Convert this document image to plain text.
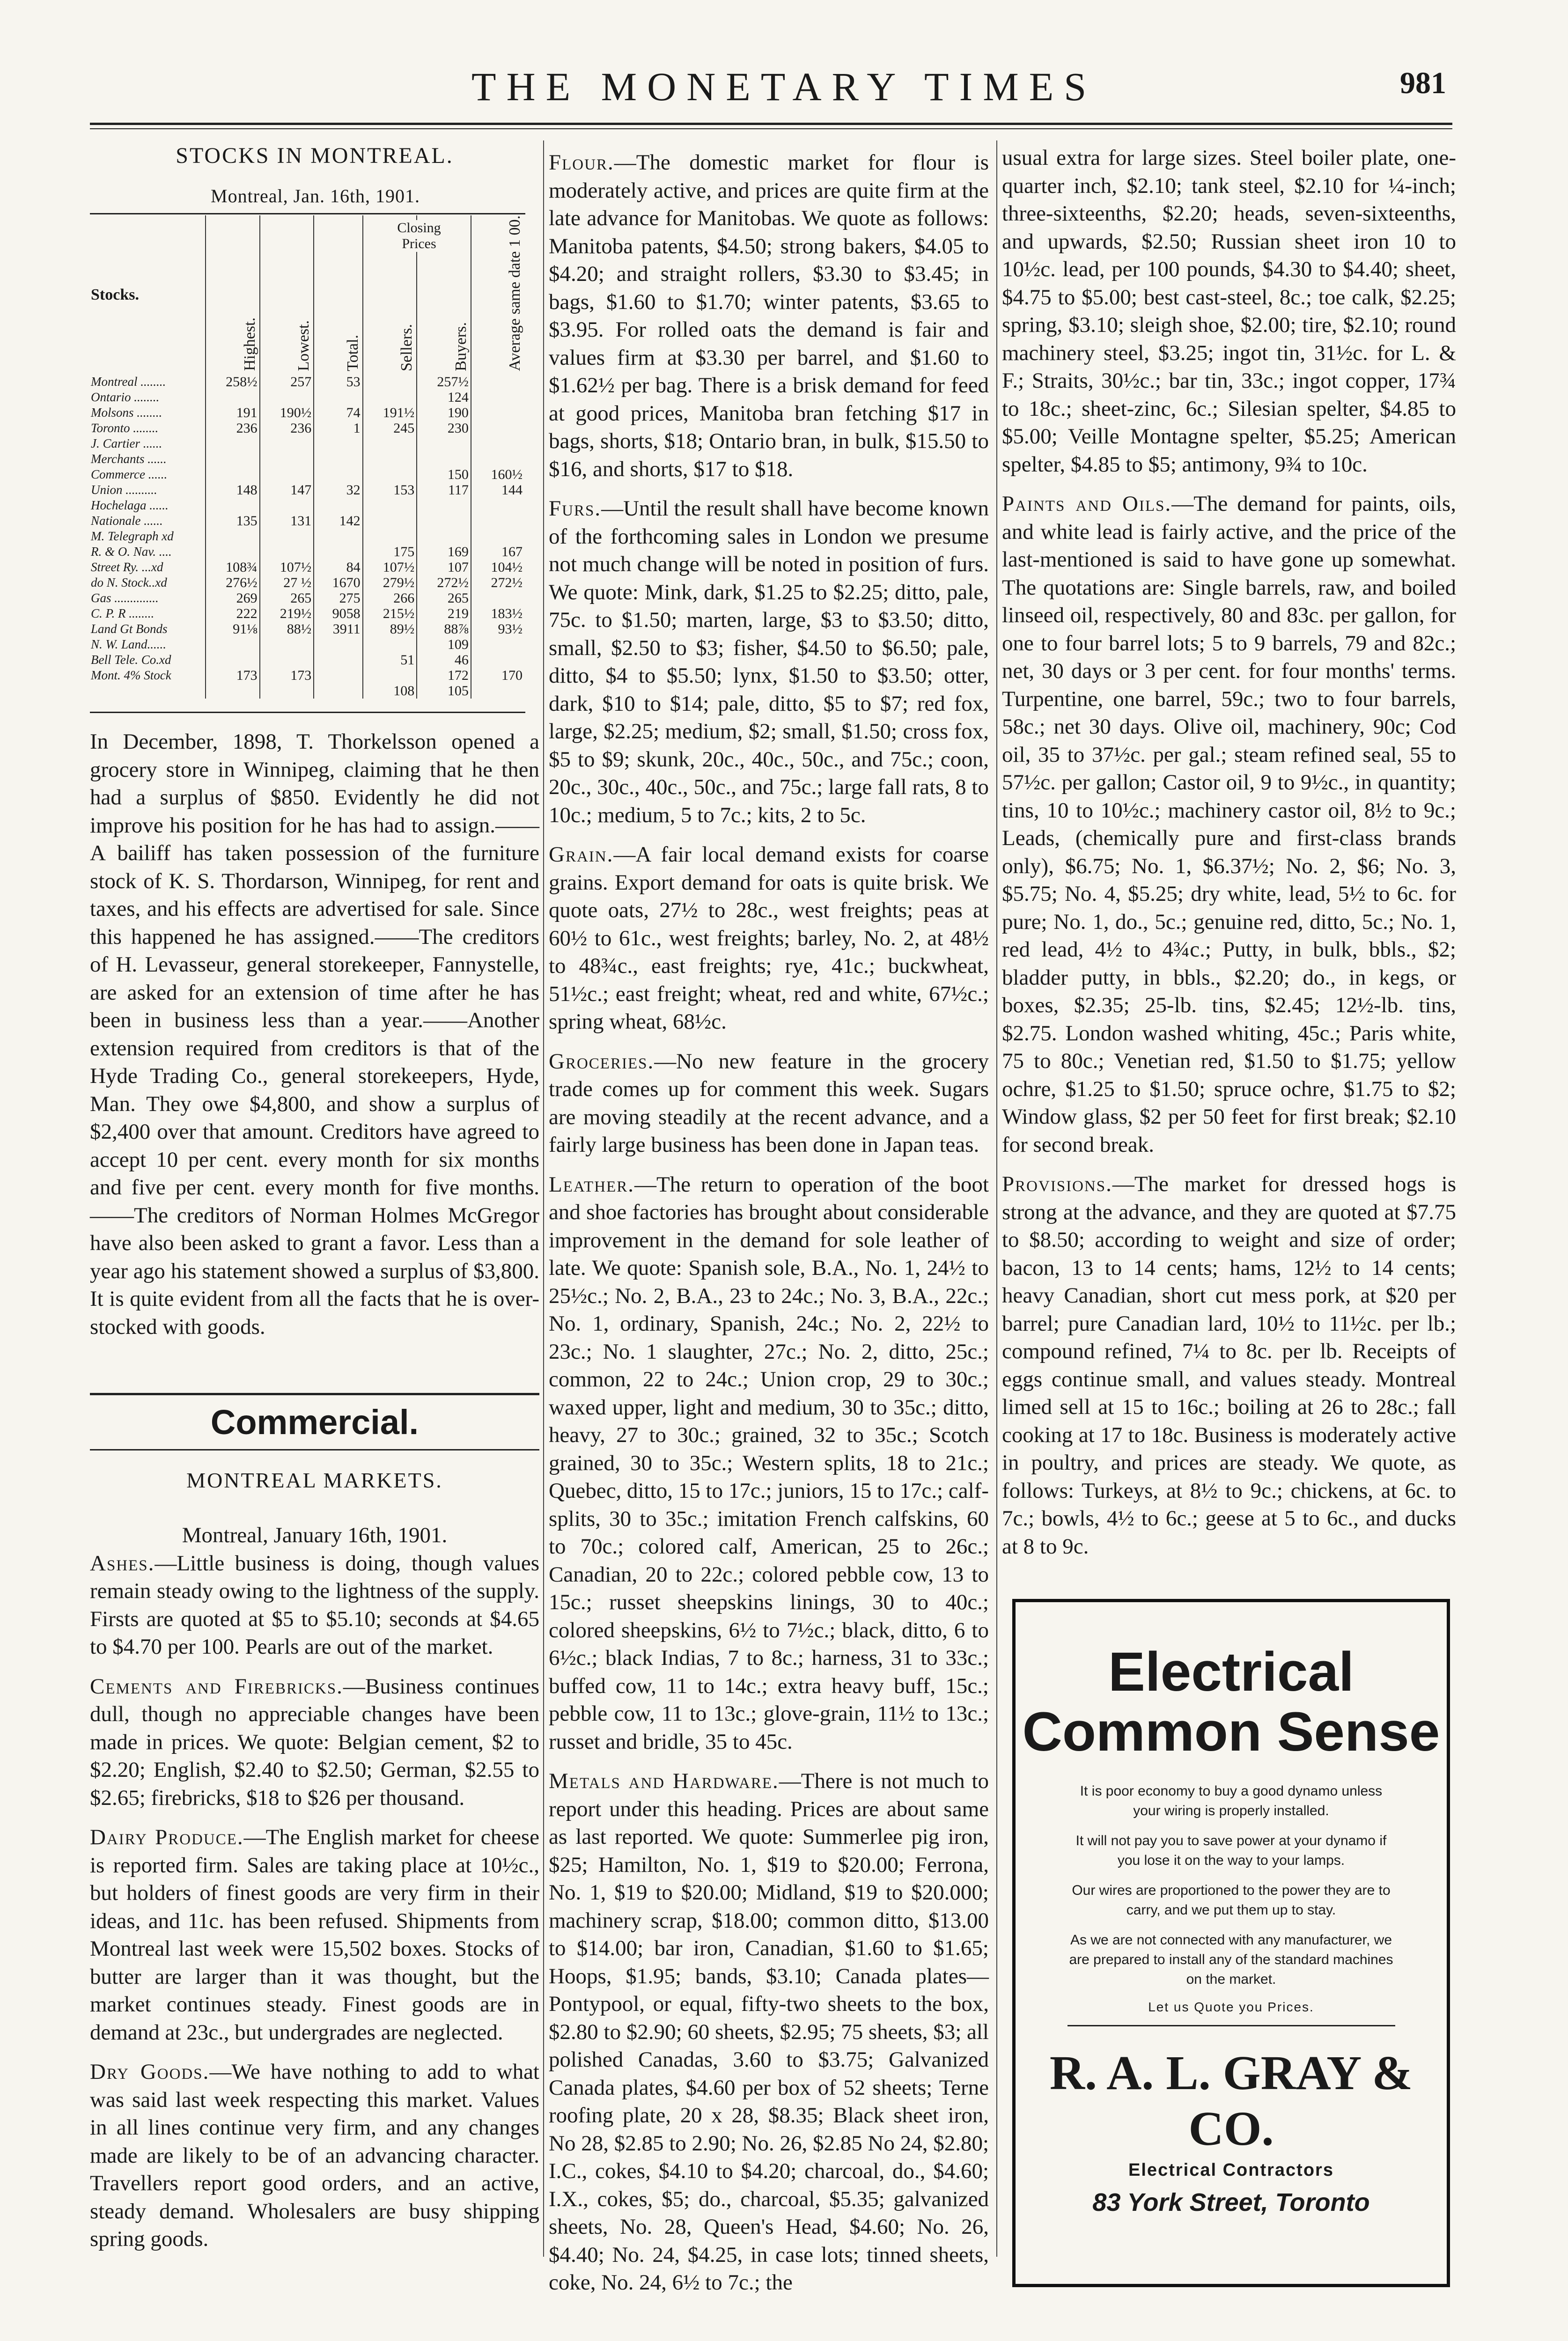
THE MONETARY TIMES	981
STOCKS IN MONTREAL.
Montreal, Jan. 16th, 1901.
Stocks.	Highest.	Lowest.	Total.	Sellers.	Buyers.	Average same date 1 00.
Montreal ........	258½	257	53		257½	
Ontario ........					124	
Molsons ........	191	190½	74	191½	190	
Toronto ........	236	236	1	245	230	
J. Cartier ......						
Merchants ......						
Commerce ......					150	160½
Union ..........	148	147	32	153	117	144
Hochelaga ......						
Nationale ......	135	131	142			
M. Telegraph xd						
R. & O. Nav. ....				175	169	167
Street Ry. ...xd	108¾	107½	84	107½	107	104½
do N. Stock..xd	276½	27 ½	1670	279½	272½	272½
Gas ..............	269	265	275	266	265	
C. P. R ........	222	219½	9058	215½	219	183½
Land Gt Bonds	91⅛	88½	3911	89½	88⅞	93½
N. W. Land......					109	
Bell Tele. Co.xd				51	46	
Mont. 4% Stock	173	173			172	170
				108	105	
Closing Prices

In December, 1898, T. Thorkelsson opened a grocery store in Winnipeg, claiming that he then had a surplus of $850. Evidently he did not improve his position for he has had to assign.——A bailiff has taken possession of the furniture stock of K. S. Thordarson, Winnipeg, for rent and taxes, and his effects are advertised for sale. Since this happened he has assigned.——The creditors of H. Levasseur, general storekeeper, Fannystelle, are asked for an extension of time after he has been in business less than a year.——Another extension required from creditors is that of the Hyde Trading Co., general storekeepers, Hyde, Man. They owe $4,800, and show a surplus of $2,400 over that amount. Creditors have agreed to accept 10 per cent. every month for six months and five per cent. every month for five months.——The creditors of Norman Holmes McGregor have also been asked to grant a favor. Less than a year ago his statement showed a surplus of $3,800. It is quite evident from all the facts that he is over-stocked with goods.

Commercial.
MONTREAL MARKETS.

Montreal, January 16th, 1901.

Ashes.—Little business is doing, though values remain steady owing to the lightness of the supply. Firsts are quoted at $5 to $5.10; seconds at $4.65 to $4.70 per 100. Pearls are out of the market.

Cements and Firebricks.—Business continues dull, though no appreciable changes have been made in prices. We quote: Belgian cement, $2 to $2.20; English, $2.40 to $2.50; German, $2.55 to $2.65; firebricks, $18 to $26 per thousand.

Dairy Produce.—The English market for cheese is reported firm. Sales are taking place at 10½c., but holders of finest goods are very firm in their ideas, and 11c. has been refused. Shipments from Montreal last week were 15,502 boxes. Stocks of butter are larger than it was thought, but the market continues steady. Finest goods are in demand at 23c., but undergrades are neglected.

Dry Goods.—We have nothing to add to what was said last week respecting this market. Values in all lines continue very firm, and any changes made are likely to be of an advancing character. Travellers report good orders, and an active, steady demand. Wholesalers are busy shipping spring goods.

Flour.—The domestic market for flour is moderately active, and prices are quite firm at the late advance for Manitobas. We quote as follows: Manitoba patents, $4.50; strong bakers, $4.05 to $4.20; and straight rollers, $3.30 to $3.45; in bags, $1.60 to $1.70; winter patents, $3.65 to $3.95. For rolled oats the demand is fair and values firm at $3.30 per barrel, and $1.60 to $1.62½ per bag. There is a brisk demand for feed at good prices, Manitoba bran fetching $17 in bags, shorts, $18; Ontario bran, in bulk, $15.50 to $16, and shorts, $17 to $18.

Furs.—Until the result shall have become known of the forthcoming sales in London we presume not much change will be noted in position of furs. We quote: Mink, dark, $1.25 to $2.25; ditto, pale, 75c. to $1.50; marten, large, $3 to $3.50; ditto, small, $2.50 to $3; fisher, $4.50 to $6.50; pale, ditto, $4 to $5.50; lynx, $1.50 to $3.50; otter, dark, $10 to $14; pale, ditto, $5 to $7; red fox, large, $2.25; medium, $2; small, $1.50; cross fox, $5 to $9; skunk, 20c., 40c., 50c., and 75c.; coon, 20c., 30c., 40c., 50c., and 75c.; large fall rats, 8 to 10c.; medium, 5 to 7c.; kits, 2 to 5c.

Grain.—A fair local demand exists for coarse grains. Export demand for oats is quite brisk. We quote oats, 27½ to 28c., west freights; peas at 60½ to 61c., west freights; barley, No. 2, at 48½ to 48¾c., east freights; rye, 41c.; buckwheat, 51½c.; east freight; wheat, red and white, 67½c.; spring wheat, 68½c.

Groceries.—No new feature in the grocery trade comes up for comment this week. Sugars are moving steadily at the recent advance, and a fairly large business has been done in Japan teas.

Leather.—The return to operation of the boot and shoe factories has brought about considerable improvement in the demand for sole leather of late. We quote: Spanish sole, B.A., No. 1, 24½ to 25½c.; No. 2, B.A., 23 to 24c.; No. 3, B.A., 22c.; No. 1, ordinary, Spanish, 24c.; No. 2, 22½ to 23c.; No. 1 slaughter, 27c.; No. 2, ditto, 25c.; common, 22 to 24c.; Union crop, 29 to 30c.; waxed upper, light and medium, 30 to 35c.; ditto, heavy, 27 to 30c.; grained, 32 to 35c.; Scotch grained, 30 to 35c.; Western splits, 18 to 21c.; Quebec, ditto, 15 to 17c.; juniors, 15 to 17c.; calf-splits, 30 to 35c.; imitation French calfskins, 60 to 70c.; colored calf, American, 25 to 26c.; Canadian, 20 to 22c.; colored pebble cow, 13 to 15c.; russet sheepskins linings, 30 to 40c.; colored sheepskins, 6½ to 7½c.; black, ditto, 6 to 6½c.; black Indias, 7 to 8c.; harness, 31 to 33c.; buffed cow, 11 to 14c.; extra heavy buff, 15c.; pebble cow, 11 to 13c.; glove-grain, 11½ to 13c.; russet and bridle, 35 to 45c.

Metals and Hardware.—There is not much to report under this heading. Prices are about same as last reported. We quote: Summerlee pig iron, $25; Hamilton, No. 1, $19 to $20.00; Ferrona, No. 1, $19 to $20.00; Midland, $19 to $20.000; machinery scrap, $18.00; common ditto, $13.00 to $14.00; bar iron, Canadian, $1.60 to $1.65; Hoops, $1.95; bands, $3.10; Canada plates—Pontypool, or equal, fifty-two sheets to the box, $2.80 to $2.90; 60 sheets, $2.95; 75 sheets, $3; all polished Canadas, 3.60 to $3.75; Galvanized Canada plates, $4.60 per box of 52 sheets; Terne roofing plate, 20 x 28, $8.35; Black sheet iron, No 28, $2.85 to 2.90; No. 26, $2.85 No 24, $2.80; I.C., cokes, $4.10 to $4.20; charcoal, do., $4.60; I.X., cokes, $5; do., charcoal, $5.35; galvanized sheets, No. 28, Queen's Head, $4.60; No. 26, $4.40; No. 24, $4.25, in case lots; tinned sheets, coke, No. 24, 6½ to 7c.; the

usual extra for large sizes. Steel boiler plate, one-quarter inch, $2.10; tank steel, $2.10 for ¼-inch; three-sixteenths, $2.20; heads, seven-sixteenths, and upwards, $2.50; Russian sheet iron 10 to 10½c. lead, per 100 pounds, $4.30 to $4.40; sheet, $4.75 to $5.00; best cast-steel, 8c.; toe calk, $2.25; spring, $3.10; sleigh shoe, $2.00; tire, $2.10; round machinery steel, $3.25; ingot tin, 31½c. for L. & F.; Straits, 30½c.; bar tin, 33c.; ingot copper, 17¾ to 18c.; sheet-zinc, 6c.; Silesian spelter, $4.85 to $5.00; Veille Montagne spelter, $5.25; American spelter, $4.85 to $5; antimony, 9¾ to 10c.

Paints and Oils.—The demand for paints, oils, and white lead is fairly active, and the price of the last-mentioned is said to have gone up somewhat. The quotations are: Single barrels, raw, and boiled linseed oil, respectively, 80 and 83c. per gallon, for one to four barrel lots; 5 to 9 barrels, 79 and 82c.; net, 30 days or 3 per cent. for four months' terms. Turpentine, one barrel, 59c.; two to four barrels, 58c.; net 30 days. Olive oil, machinery, 90c; Cod oil, 35 to 37½c. per gal.; steam refined seal, 55 to 57½c. per gallon; Castor oil, 9 to 9½c., in quantity; tins, 10 to 10½c.; machinery castor oil, 8½ to 9c.; Leads, (chemically pure and first-class brands only), $6.75; No. 1, $6.37½; No. 2, $6; No. 3, $5.75; No. 4, $5.25; dry white, lead, 5½ to 6c. for pure; No. 1, do., 5c.; genuine red, ditto, 5c.; No. 1, red lead, 4½ to 4¾c.; Putty, in bulk, bbls., $2; bladder putty, in bbls., $2.20; do., in kegs, or boxes, $2.35; 25-lb. tins, $2.45; 12½-lb. tins, $2.75. London washed whiting, 45c.; Paris white, 75 to 80c.; Venetian red, $1.50 to $1.75; yellow ochre, $1.25 to $1.50; spruce ochre, $1.75 to $2; Window glass, $2 per 50 feet for first break; $2.10 for second break.

Provisions.—The market for dressed hogs is strong at the advance, and they are quoted at $7.75 to $8.50; according to weight and size of order; bacon, 13 to 14 cents; hams, 12½ to 14 cents; heavy Canadian, short cut mess pork, at $20 per barrel; pure Canadian lard, 10½ to 11½c. per lb.; compound refined, 7¼ to 8c. per lb. Receipts of eggs continue small, and values steady. Montreal limed sell at 15 to 16c.; boiling at 26 to 28c.; fall cooking at 17 to 18c. Business is moderately active in poultry, and prices are steady. We quote, as follows: Turkeys, at 8½ to 9c.; chickens, at 6c. to 7c.; bowls, 4½ to 6c.; geese at 5 to 6c., and ducks at 8 to 9c.

Electrical
Common Sense

It is poor economy to buy a good dynamo unless your wiring is properly installed.

It will not pay you to save power at your dynamo if you lose it on the way to your lamps.

Our wires are proportioned to the power they are to carry, and we put them up to stay.

As we are not connected with any manufacturer, we are prepared to install any of the standard machines on the market.

Let us Quote you Prices.
R. A. L. GRAY & CO.
Electrical Contractors
83 York Street, Toronto
